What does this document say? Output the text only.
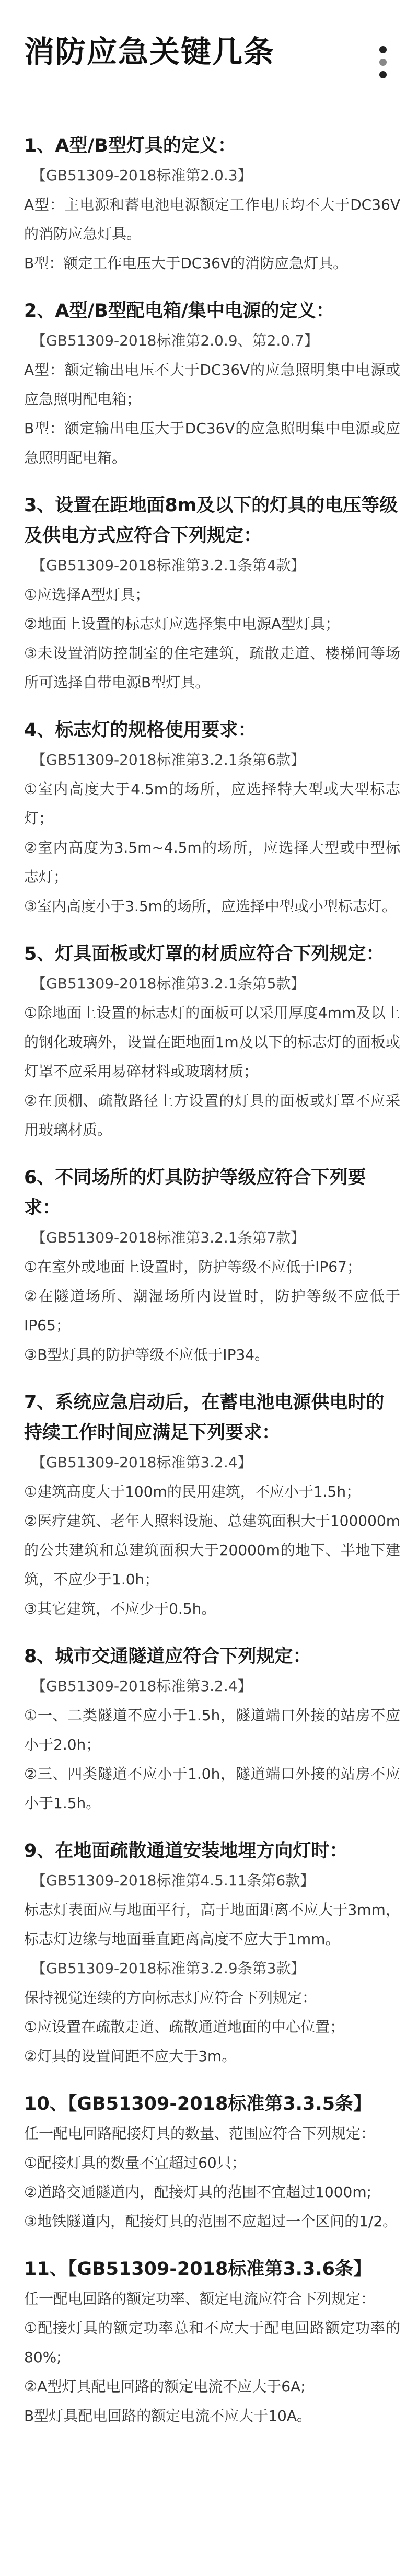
消防应急关键几条

1、A型/B型灯具的定义：

【GB51309-2018标准第2.0.3】

A型：主电源和蓄电池电源额定工作电压均不大于DC36V的消防应急灯具。

B型：额定工作电压大于DC36V的消防应急灯具。

2、A型/B型配电箱/集中电源的定义：

【GB51309-2018标准第2.0.9、第2.0.7】

A型：额定输出电压不大于DC36V的应急照明集中电源或应急照明配电箱；

B型：额定输出电压大于DC36V的应急照明集中电源或应急照明配电箱。

3、设置在距地面8m及以下的灯具的电压等级及供电方式应符合下列规定：

【GB51309-2018标准第3.2.1条第4款】

①应选择A型灯具；

②地面上设置的标志灯应选择集中电源A型灯具；

③未设置消防控制室的住宅建筑，疏散走道、楼梯间等场所可选择自带电源B型灯具。

4、标志灯的规格使用要求：

【GB51309-2018标准第3.2.1条第6款】

①室内高度大于4.5m的场所，应选择特大型或大型标志灯；

②室内高度为3.5m~4.5m的场所，应选择大型或中型标志灯；

③室内高度小于3.5m的场所，应选择中型或小型标志灯。

5、灯具面板或灯罩的材质应符合下列规定：

【GB51309-2018标准第3.2.1条第5款】

①除地面上设置的标志灯的面板可以采用厚度4mm及以上的钢化玻璃外，设置在距地面1m及以下的标志灯的面板或灯罩不应采用易碎材料或玻璃材质；

②在顶棚、疏散路径上方设置的灯具的面板或灯罩不应采用玻璃材质。

6、不同场所的灯具防护等级应符合下列要求：

【GB51309-2018标准第3.2.1条第7款】

①在室外或地面上设置时，防护等级不应低于IP67；

②在隧道场所、潮湿场所内设置时，防护等级不应低于IP65；

③B型灯具的防护等级不应低于IP34。

7、系统应急启动后，在蓄电池电源供电时的持续工作时间应满足下列要求：

【GB51309-2018标准第3.2.4】

①建筑高度大于100m的民用建筑，不应小于1.5h；

②医疗建筑、老年人照料设施、总建筑面积大于100000m的公共建筑和总建筑面积大于20000m的地下、半地下建筑，不应少于1.0h；

③其它建筑，不应少于0.5h。

8、城市交通隧道应符合下列规定：

【GB51309-2018标准第3.2.4】

①一、二类隧道不应小于1.5h，隧道端口外接的站房不应小于2.0h；

②三、四类隧道不应小于1.0h，隧道端口外接的站房不应小于1.5h。

9、在地面疏散通道安装地埋方向灯时：

【GB51309-2018标准第4.5.11条第6款】

标志灯表面应与地面平行，高于地面距离不应大于3mm，标志灯边缘与地面垂直距离高度不应大于1mm。

【GB51309-2018标准第3.2.9条第3款】

保持视觉连续的方向标志灯应符合下列规定：

①应设置在疏散走道、疏散通道地面的中心位置；

②灯具的设置间距不应大于3m。

10、【GB51309-2018标准第3.3.5条】

任一配电回路配接灯具的数量、范围应符合下列规定：

①配接灯具的数量不宜超过60只；

②道路交通隧道内，配接灯具的范围不宜超过1000m;

③地铁隧道内，配接灯具的范围不应超过一个区间的1/2。

11、【GB51309-2018标准第3.3.6条】

任一配电回路的额定功率、额定电流应符合下列规定：

①配接灯具的额定功率总和不应大于配电回路额定功率的80%;

②A型灯具配电回路的额定电流不应大于6A;

B型灯具配电回路的额定电流不应大于10A。
